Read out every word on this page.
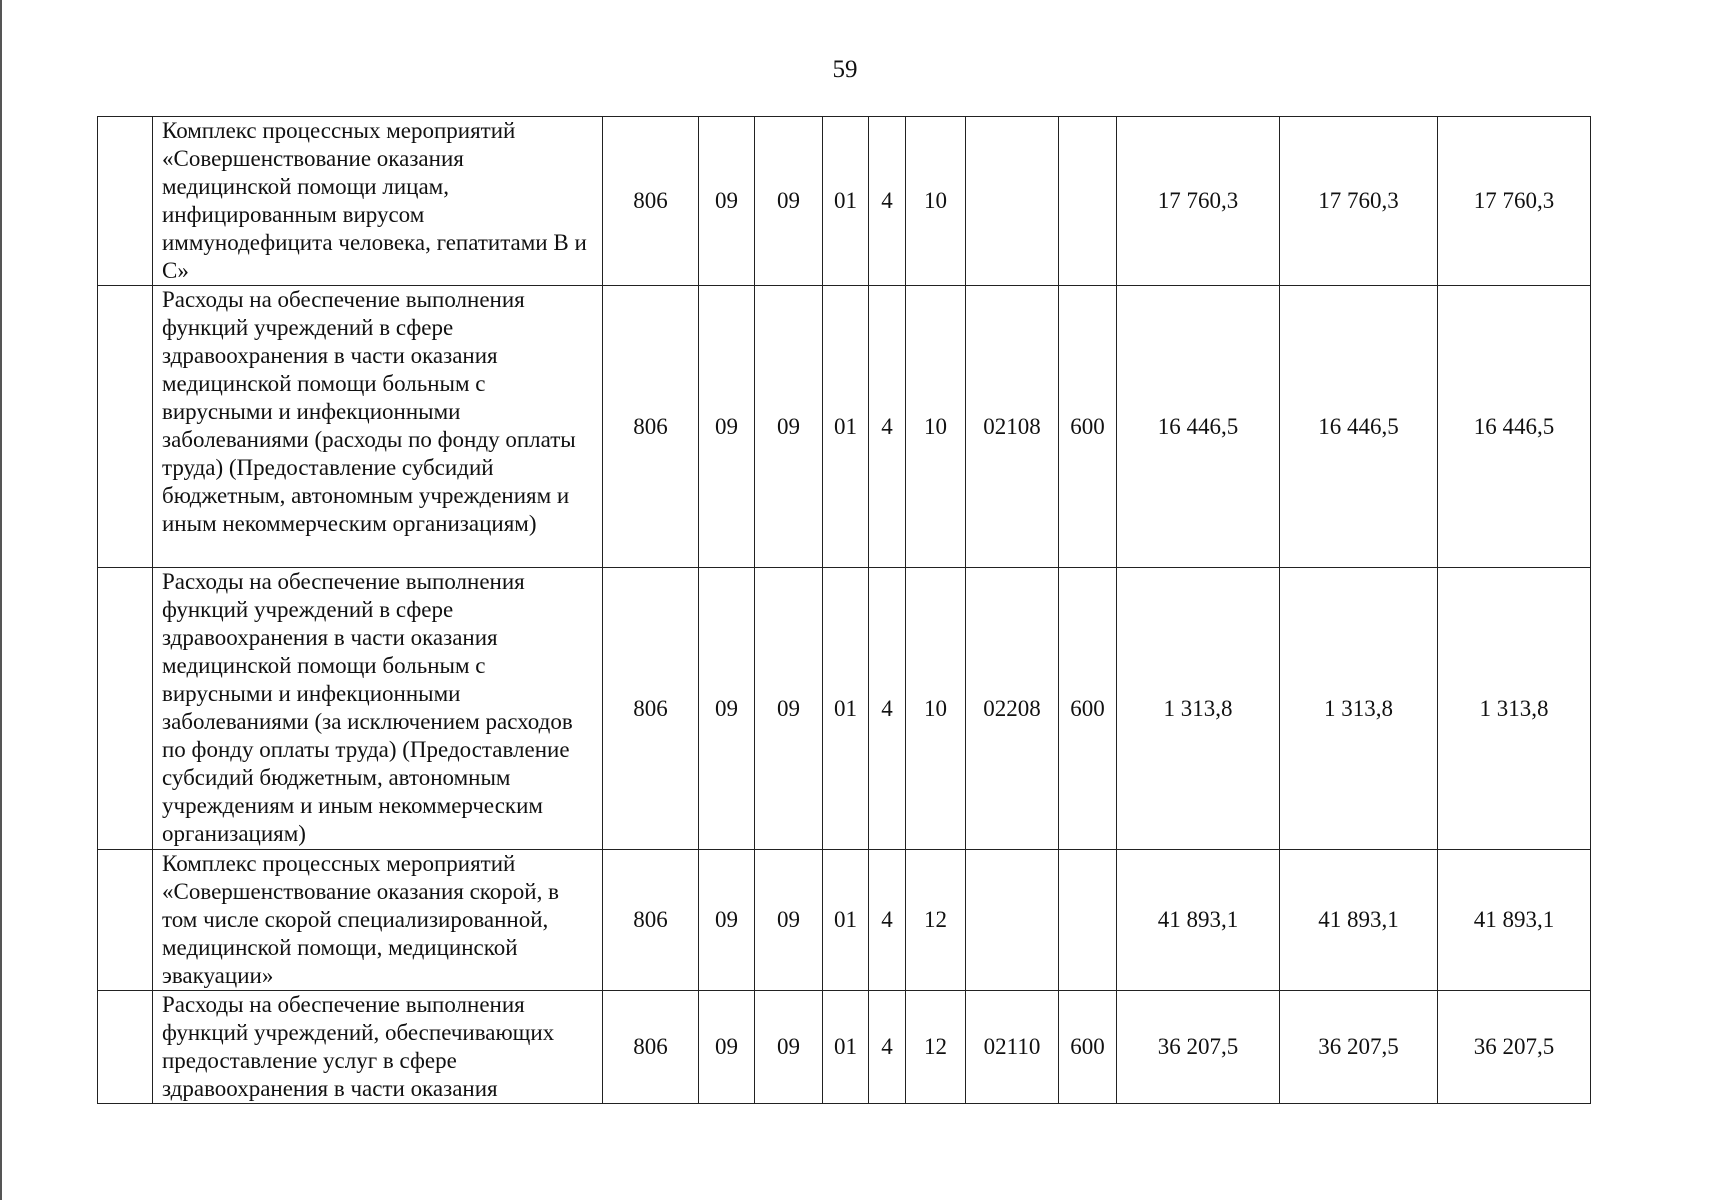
59
	Комплекс процессных мероприятий «Совершенствование оказания медицинской помощи лицам, инфицированным вирусом иммунодефицита человека, гепатитами В и С»	806	09	09	01	4	10			17 760,3	17 760,3	17 760,3
	Расходы на обеспечение выполнения функций учреждений в сфере здравоохранения в части оказания медицинской помощи больным с вирусными и инфекционными заболеваниями (расходы по фонду оплаты труда) (Предоставление субсидий бюджетным, автономным учреждениям и иным некоммерческим организациям)	806	09	09	01	4	10	02108	600	16 446,5	16 446,5	16 446,5
	Расходы на обеспечение выполнения функций учреждений в сфере здравоохранения в части оказания медицинской помощи больным с вирусными и инфекционными заболеваниями (за исключением расходов по фонду оплаты труда) (Предоставление субсидий бюджетным, автономным учреждениям и иным некоммерческим организациям)	806	09	09	01	4	10	02208	600	1 313,8	1 313,8	1 313,8
	Комплекс процессных мероприятий «Совершенствование оказания скорой, в том числе скорой специализированной, медицинской помощи, медицинской эвакуации»	806	09	09	01	4	12			41 893,1	41 893,1	41 893,1
	Расходы на обеспечение выполнения функций учреждений, обеспечивающих предоставление услуг в сфере здравоохранения в части оказания	806	09	09	01	4	12	02110	600	36 207,5	36 207,5	36 207,5
